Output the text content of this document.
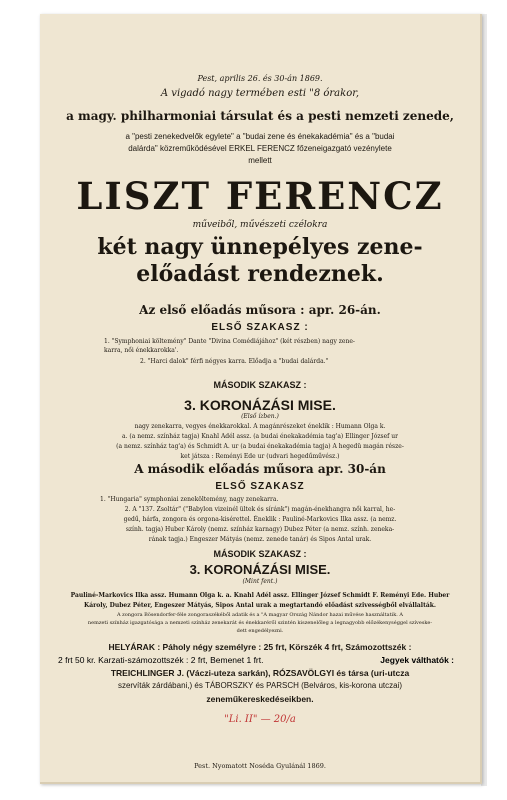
Pest, aprilis 26. és 30-án 1869.
A vigadó nagy termében esti "8 órakor,
a magy. philharmoniai társulat és a pesti nemzeti zenede,
a "pesti zenekedvelők egylete" a "budai zene és énekakadémia" és a "budai
dalárda" közreműködésével ERKEL FERENCZ főzeneigazgató vezénylete
mellett
LISZT FERENCZ
műveiből, művészeti czélokra
két nagy ünnepélyes zene-
előadást rendeznek.
Az első előadás műsora : apr. 26-án.
ELSŐ SZAKASZ :
1. "Symphoniai költemény" Dante "Divina Comédiájához" (két részben) nagy zene-
karra, női énekkarokka'.
2. "Harci dalok" férfi négyes karra. Előadja a "budai dalárda."
MÁSODIK SZAKASZ :
3. KORONÁZÁSI MISE.
(Első ízben.)
nagy zenekarra, vegyes énekkarokkal. A magánrészeket éneklik : Humann Olga k.
a. (a nemz. színház tagja) Knahl Adél assz. (a budai énekakadémia tag'a) Ellinger József ur
(a nemz. színház tag'a) és Schmidt A. ur (a budai énekakadémia tagja) A hegedü magán része-
ket játsza : Reményi Ede ur (udvari hegedűművész.)
A második előadás műsora apr. 30-án
ELSŐ SZAKASZ
1. "Hungaria" symphoniai zeneköltemény, nagy zenekarra.
2. A "137. Zsoltár" ("Babylon vizeinél ültek és síránk") magán-énekhangra női karral, he-
gedű, hárfa, zongora és orgona-kisérettel. Éneklik : Pauliné-Markovics Ilka assz. (a nemz.
szính. tagja) Huber Károly (nemz. színház karnagy) Dubez Péter (a nemz. szính. zeneka-
rának tagja.) Engeszer Mátyás (nemz. zenede tanár) és Sipos Antal urak.
MÁSODIK SZAKASZ :
3. KORONÁZÁSI MISE.
(Mint fent.)
Pauliné-Markovics Ilka assz. Humann Olga k. a. Knahl Adél assz. Ellinger József Schmidt F. Reményi Ede. Huber
Károly, Dubez Péter, Engeszer Mátyás, Sipos Antal urak a megtartandó előadást szivességből elvállalták.
A zongora Bösendorfer-féle zongoraszékéből adatik és a "A magyar Ország Nándor hazai művése használtatik. A
nemzeti színház igazgatósága a nemzeti színház zenekarát és énekkaréről szintén kiszenelőleg a legnagyobb előzékenységgel szíveske-
dett engedélyezni.
HELYÁRAK : Páholy négy személyre : 25 frt, Körszék 4 frt, Számozottszék :
2 frt 50 kr. Karzati-számozottszék : 2 frt, Bemenet 1 frt.	Jegyek válthatók :
TREICHLINGER J. (Váczi-uteza sarkán), RÓZSAVÖLGYI és társa (uri-utcza
szervíták zárdábani,) és TÁBORSZKY és PARSCH (Belváros, kis-korona utczai)
zeneműkereskedéseikben.
"Li. II" — 20/a
Pest. Nyomatott Noséda Gyulánál 1869.
